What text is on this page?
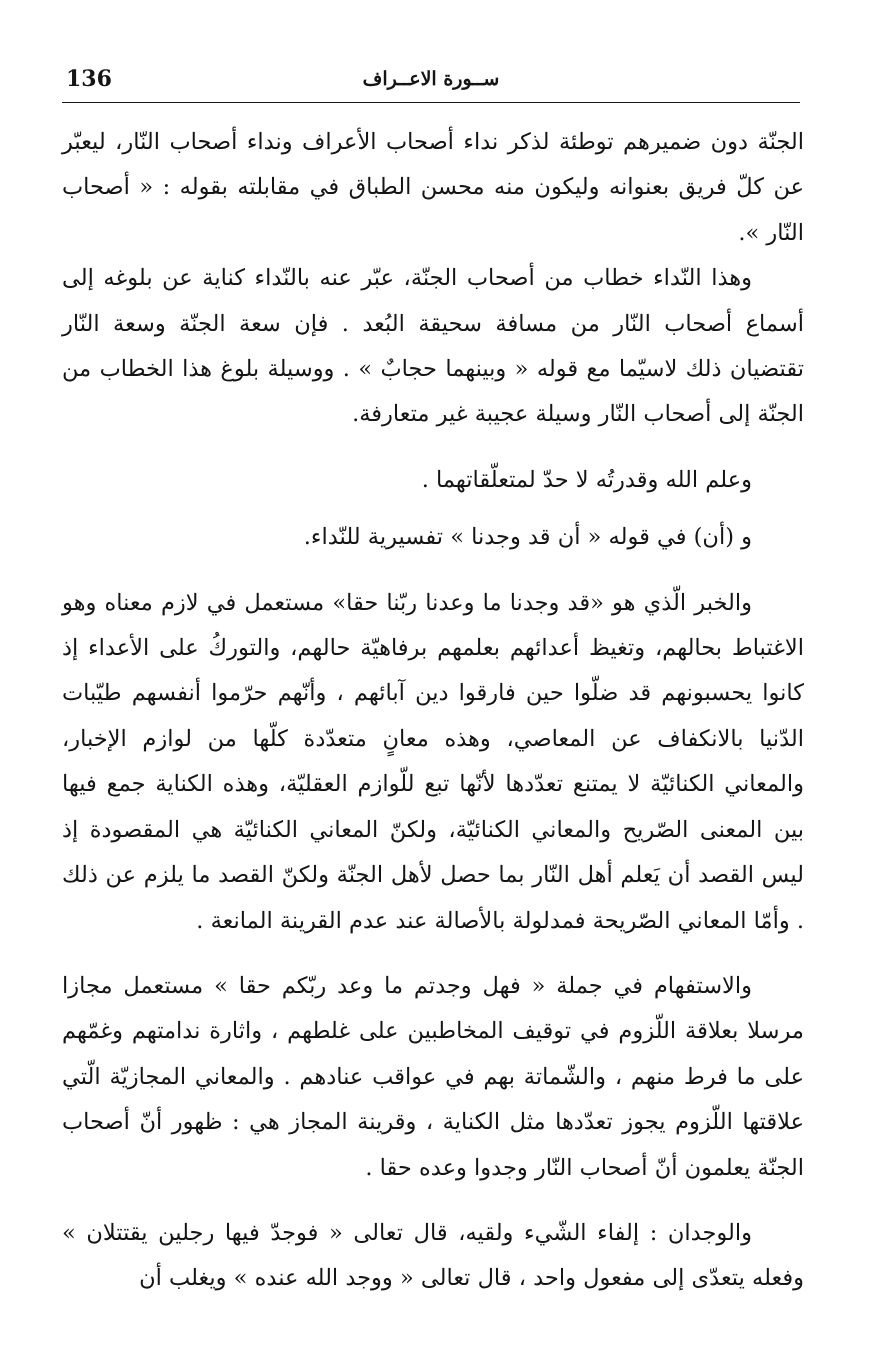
136	ســورة الاعــراف

الجنّة دون ضميرهم توطئة لذكر نداء أصحاب الأعراف ونداء أصحاب النّار، ليعبّر عن كلّ فريق بعنوانه وليكون منه محسن الطباق في مقابلته بقوله : « أصحاب النّار ».

وهذا النّداء خطاب من أصحاب الجنّة، عبّر عنه بالنّداء كناية عن بلوغه إلى أسماع أصحاب النّار من مسافة سحيقة البُعد . فإن سعة الجنّة وسعة النّار تقتضيان ذلك لاسيّما مع قوله « وبينهما حجابٌ » . ووسيلة بلوغ هذا الخطاب من الجنّة إلى أصحاب النّار وسيلة عجيبة غير متعارفة.

وعلم الله وقدرتُه لا حدّ لمتعلّقاتهما .

و (أن) في قوله « أن قد وجدنا » تفسيرية للنّداء.

والخبر الّذي هو «قد وجدنا ما وعدنا ربّنا حقا» مستعمل في لازم معناه وهو الاغتباط بحالهم، وتغيظ أعدائهم بعلمهم برفاهيّة حالهم، والتوركُ على الأعداء إذ كانوا يحسبونهم قد ضلّوا حين فارقوا دين آبائهم ، وأنّهم حرّموا أنفسهم طيّبات الدّنيا بالانكفاف عن المعاصي، وهذه معانٍ متعدّدة كلّها من لوازم الإخبار، والمعاني الكنائيّة لا يمتنع تعدّدها لأنّها تبع للّوازم العقليّة، وهذه الكناية جمع فيها بين المعنى الصّريح والمعاني الكنائيّة، ولكنّ المعاني الكنائيّة هي المقصودة إذ ليس القصد أن يَعلم أهل النّار بما حصل لأهل الجنّة ولكنّ القصد ما يلزم عن ذلك . وأمّا المعاني الصّريحة فمدلولة بالأصالة عند عدم القرينة المانعة .

والاستفهام في جملة « فهل وجدتم ما وعد ربّكم حقا » مستعمل مجازا مرسلا بعلاقة اللّزوم في توقيف المخاطبين على غلطهم ، واثارة ندامتهم وغمّهم على ما فرط منهم ، والشّماتة بهم في عواقب عنادهم . والمعاني المجازيّة الّتي علاقتها اللّزوم يجوز تعدّدها مثل الكناية ، وقرينة المجاز هي : ظهور أنّ أصحاب الجنّة يعلمون أنّ أصحاب النّار وجدوا وعده حقا .

والوجدان : إلفاء الشّيء ولقيه، قال تعالى « فوجدّ فيها رجلين يقتتلان » وفعله يتعدّى إلى مفعول واحد ، قال تعالى « ووجد الله عنده » ويغلب أن
